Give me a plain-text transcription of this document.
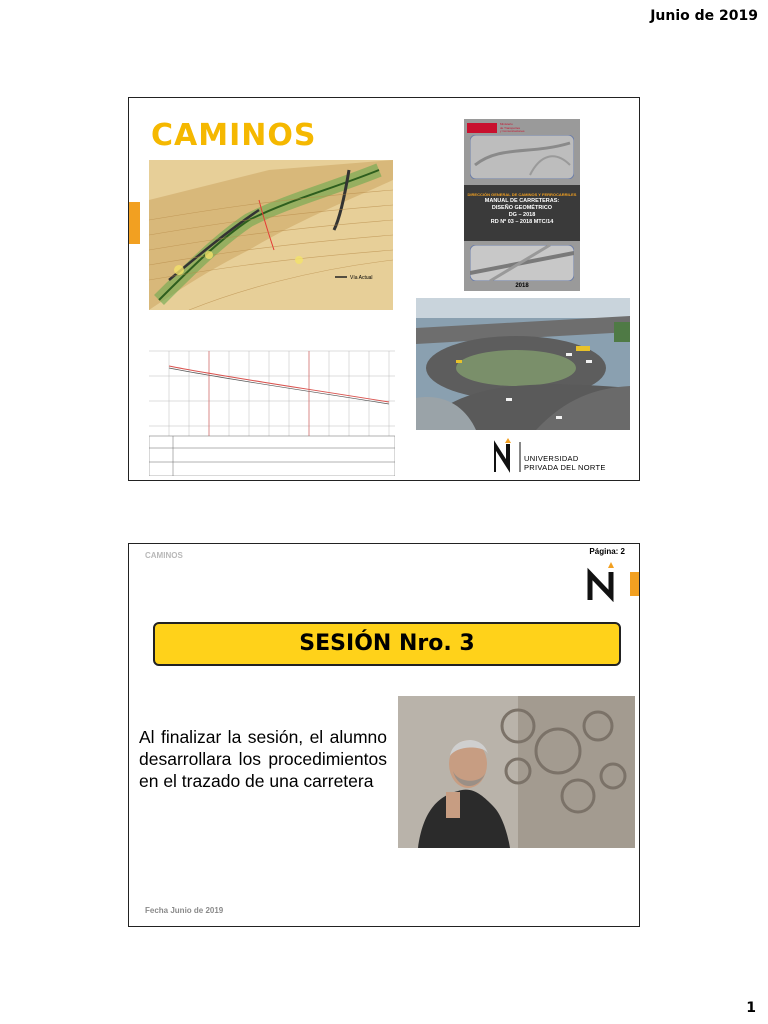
Junio de 2019
CAMINOS
Vía Actual
Ministerio
de Transportes
y Comunicaciones
DIRECCIÓN GENERAL DE CAMINOS Y FERROCARRILES
MANUAL DE CARRETERAS:
DISEÑO GEOMÉTRICO
DG – 2018
RD Nº 03 – 2018 MTC/14
2018
UNIVERSIDAD
PRIVADA DEL NORTE
CAMINOS	Página: 2
SESIÓN Nro. 3
Al finalizar la sesión, el alumno desarrollara los procedimientos en el trazado de una carretera
Fecha Junio de 2019
1
